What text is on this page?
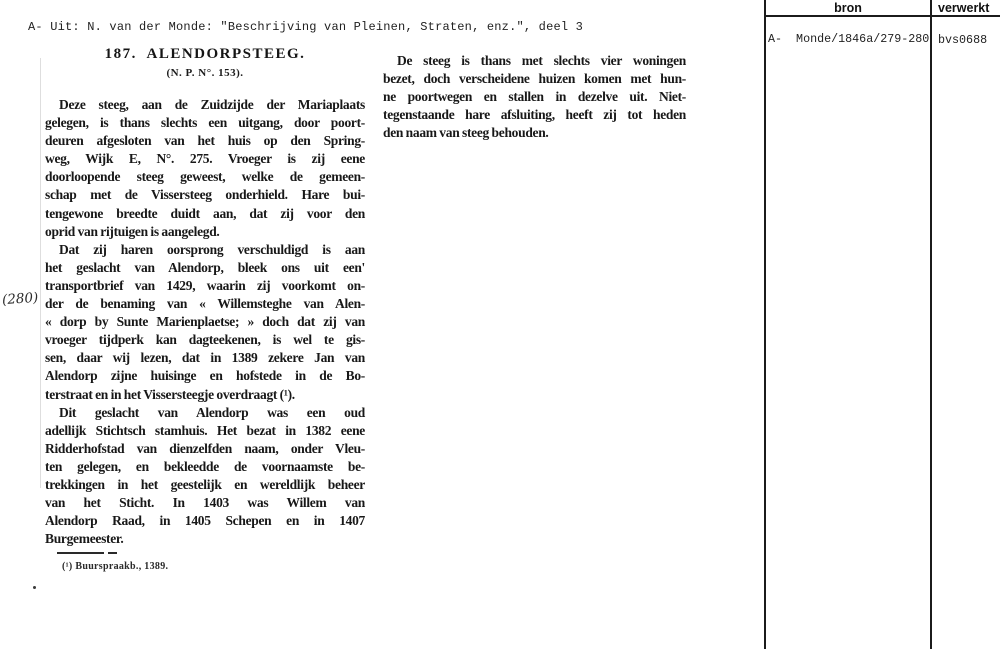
A- Uit: N. van der Monde: "Beschrijving van Pleinen, Straten, enz.", deel 3
187.  ALENDORPSTEEG.
(N. P. N°. 153).
Deze steeg, aan de Zuidzijde der Mariaplaats
gelegen, is thans slechts een uitgang, door poort-
deuren afgesloten van het huis op den Spring-
weg, Wijk E, N°. 275. Vroeger is zij eene
doorloopende steeg geweest, welke de gemeen-
schap met de Vissersteeg onderhield. Hare bui-
tengewone breedte duidt aan, dat zij voor den
oprid van rijtuigen is aangelegd.
Dat zij haren oorsprong verschuldigd is aan
het geslacht van Alendorp, bleek ons uit een'
transportbrief van 1429, waarin zij voorkomt on-
der de benaming van « Willemsteghe van Alen-
« dorp by Sunte Marienplaetse; » doch dat zij van
vroeger tijdperk kan dagteekenen, is wel te gis-
sen, daar wij lezen, dat in 1389 zekere Jan van
Alendorp zijne huisinge en hofstede in de Bo-
terstraat en in het Vissersteegje overdraagt (¹).
Dit geslacht van Alendorp was een oud
adellijk Stichtsch stamhuis. Het bezat in 1382 eene
Ridderhofstad van dienzelfden naam, onder Vleu-
ten gelegen, en bekleedde de voornaamste be-
trekkingen in het geestelijk en wereldlijk beheer
van het Sticht. In 1403 was Willem van
Alendorp Raad, in 1405 Schepen en in 1407
Burgemeester.
(¹) Buurspraakb., 1389.
De steeg is thans met slechts vier woningen
bezet, doch verscheidene huizen komen met hun-
ne poortwegen en stallen in dezelve uit. Niet-
tegenstaande hare afsluiting, heeft zij tot heden
den naam van steeg behouden.
(280)
bron	verwerkt
A-  Monde/1846a/279-280 bvs0688
